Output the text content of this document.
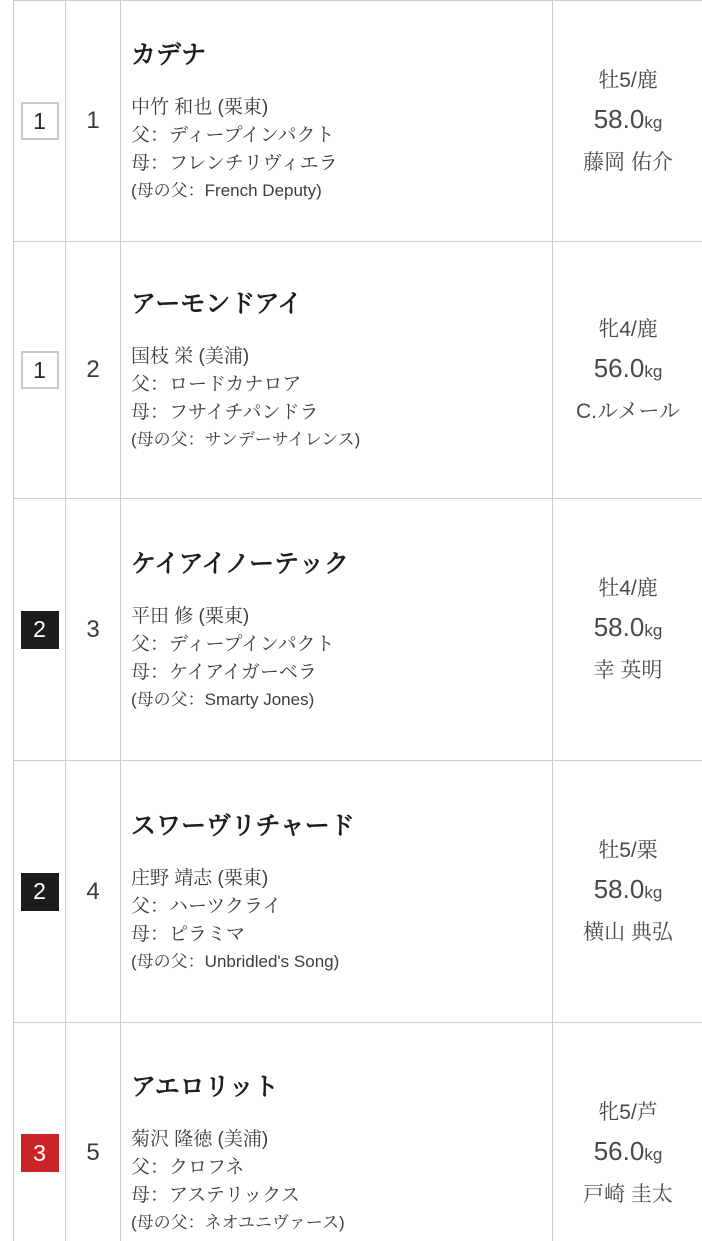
1	1
カデナ
中竹 和也 (栗東)
父：ディープインパクト
母：フレンチリヴィエラ
(母の父：French Deputy)
牡5/鹿
58.0kg
藤岡 佑介
1	2
アーモンドアイ
国枝 栄 (美浦)
父：ロードカナロア
母：フサイチパンドラ
(母の父：サンデーサイレンス)
牝4/鹿
56.0kg
C.ルメール
2	3
ケイアイノーテック
平田 修 (栗東)
父：ディープインパクト
母：ケイアイガーベラ
(母の父：Smarty Jones)
牡4/鹿
58.0kg
幸 英明
2	4
スワーヴリチャード
庄野 靖志 (栗東)
父：ハーツクライ
母：ピラミマ
(母の父：Unbridled's Song)
牡5/栗
58.0kg
横山 典弘
3	5
アエロリット
菊沢 隆徳 (美浦)
父：クロフネ
母：アステリックス
(母の父：ネオユニヴァース)
牝5/芦
56.0kg
戸崎 圭太
